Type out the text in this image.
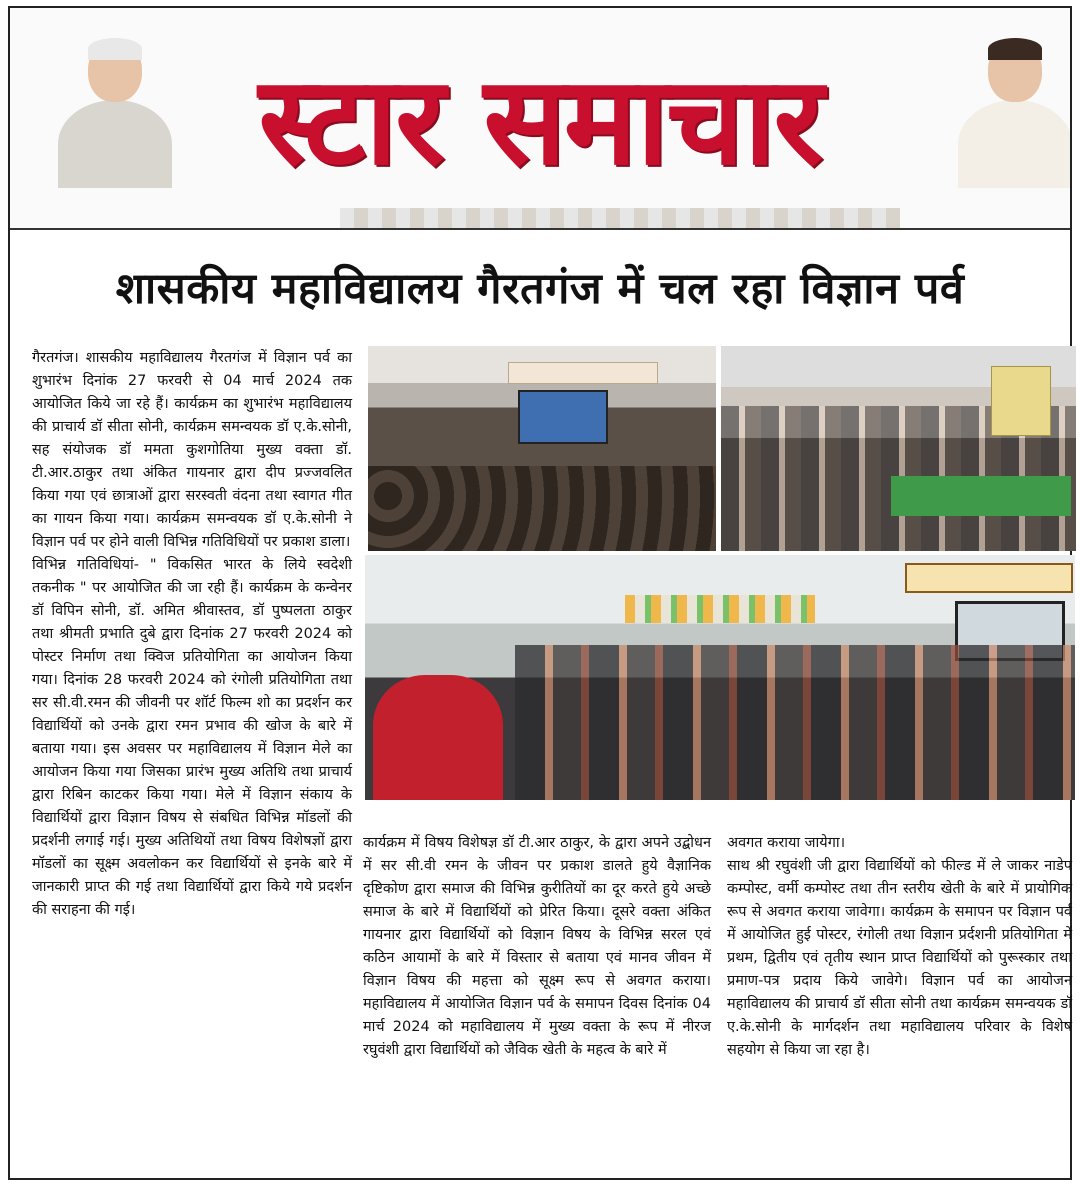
स्टार समाचार
शासकीय महाविद्यालय गैरतगंज में चल रहा विज्ञान पर्व

गैरतगंज। शासकीय महाविद्यालय गैरतगंज में विज्ञान पर्व का शुभारंभ दिनांक 27 फरवरी से 04 मार्च 2024 तक आयोजित किये जा रहे हैं। कार्यक्रम का शुभारंभ महाविद्यालय की प्राचार्य डॉ सीता सोनी, कार्यक्रम समन्वयक डॉ ए.के.सोनी, सह संयोजक डॉ ममता कुशगोतिया मुख्य वक्ता डॉ. टी.आर.ठाकुर तथा अंकित गायनार द्वारा दीप प्रज्जवलित किया गया एवं छात्राओं द्वारा सरस्वती वंदना तथा स्वागत गीत का गायन किया गया। कार्यक्रम समन्वयक डॉ ए.के.सोनी ने विज्ञान पर्व पर होने वाली विभिन्न गतिविधियों पर प्रकाश डाला।

विभिन्न गतिविधियां- " विकसित भारत के लिये स्वदेशी तकनीक " पर आयोजित की जा रही हैं। कार्यक्रम के कन्वेनर डॉ विपिन सोनी, डॉ. अमित श्रीवास्तव, डॉ पुष्पलता ठाकुर तथा श्रीमती प्रभाति दुबे द्वारा दिनांक 27 फरवरी 2024 को पोस्टर निर्माण तथा क्विज प्रतियोगिता का आयोजन किया गया। दिनांक 28 फरवरी 2024 को रंगोली प्रतियोगिता तथा सर सी.वी.रमन की जीवनी पर शॉर्ट फिल्म शो का प्रदर्शन कर विद्यार्थियों को उनके द्वारा रमन प्रभाव की खोज के बारे में बताया गया। इस अवसर पर महाविद्यालय में विज्ञान मेले का आयोजन किया गया जिसका प्रारंभ मुख्य अतिथि तथा प्राचार्य द्वारा रिबिन काटकर किया गया। मेले में विज्ञान संकाय के विद्यार्थियों द्वारा विज्ञान विषय से संबधित विभिन्न मॉडलों की प्रदर्शनी लगाई गई। मुख्य अतिथियों तथा विषय विशेषज्ञों द्वारा मॉडलों का सूक्ष्म अवलोकन कर विद्यार्थियों से इनके बारे में जानकारी प्राप्त की गई तथा विद्यार्थियों द्वारा किये गये प्रदर्शन की सराहना की गई।

कार्यक्रम में विषय विशेषज्ञ डॉ टी.आर ठाकुर, के द्वारा अपने उद्बोधन में सर सी.वी रमन के जीवन पर प्रकाश डालते हुये वैज्ञानिक दृष्टिकोण द्वारा समाज की विभिन्न कुरीतियों का दूर करते हुये अच्छे समाज के बारे में विद्यार्थियों को प्रेरित किया। दूसरे वक्ता अंकित गायनार द्वारा विद्यार्थियों को विज्ञान विषय के विभिन्न सरल एवं कठिन आयामों के बारे में विस्तार से बताया एवं मानव जीवन में विज्ञान विषय की महत्ता को सूक्ष्म रूप से अवगत कराया। महाविद्यालय में आयोजित विज्ञान पर्व के समापन दिवस दिनांक 04 मार्च 2024 को महाविद्यालय में मुख्य वक्ता के रूप में नीरज रघुवंशी द्वारा विद्यार्थियों को जैविक खेती के महत्व के बारे में

अवगत कराया जायेगा।

साथ श्री रघुवंशी जी द्वारा विद्यार्थियों को फील्ड में ले जाकर नाडेप कम्पोस्ट, वर्मी कम्पोस्ट तथा तीन स्तरीय खेती के बारे में प्रायोगिक रूप से अवगत कराया जावेगा। कार्यक्रम के समापन पर विज्ञान पर्व में आयोजित हुई पोस्टर, रंगोली तथा विज्ञान प्रर्दशनी प्रतियोगिता में प्रथम, द्वितीय एवं तृतीय स्थान प्राप्त विद्यार्थियों को पुरूस्कार तथा प्रमाण-पत्र प्रदाय किये जावेगे। विज्ञान पर्व का आयोजन महाविद्यालय की प्राचार्य डॉ सीता सोनी तथा कार्यक्रम समन्वयक डॉ ए.के.सोनी के मार्गदर्शन तथा महाविद्यालय परिवार के विशेष सहयोग से किया जा रहा है।
